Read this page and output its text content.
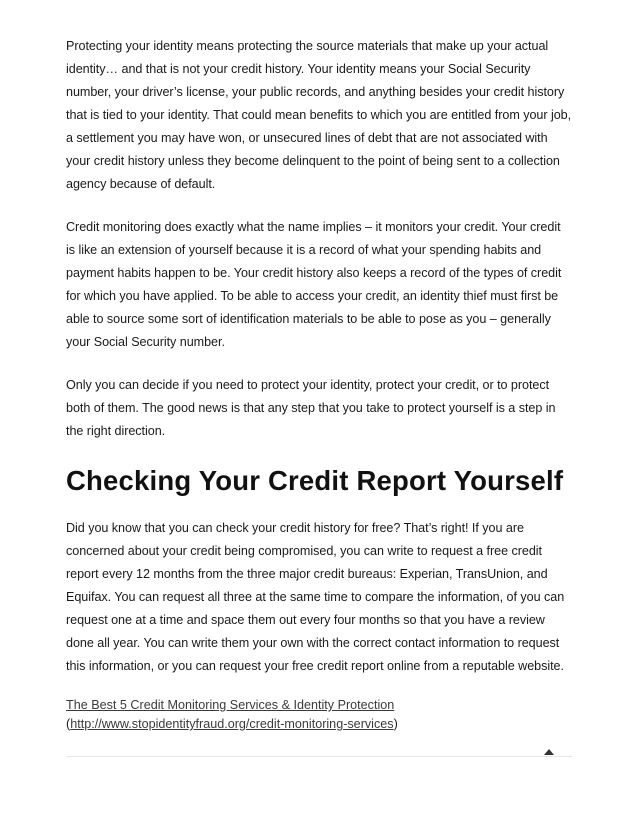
Protecting your identity means protecting the source materials that make up your actual identity… and that is not your credit history. Your identity means your Social Security number, your driver’s license, your public records, and anything besides your credit history that is tied to your identity. That could mean benefits to which you are entitled from your job, a settlement you may have won, or unsecured lines of debt that are not associated with your credit history unless they become delinquent to the point of being sent to a collection agency because of default.

Credit monitoring does exactly what the name implies – it monitors your credit. Your credit is like an extension of yourself because it is a record of what your spending habits and payment habits happen to be. Your credit history also keeps a record of the types of credit for which you have applied. To be able to access your credit, an identity thief must first be able to source some sort of identification materials to be able to pose as you – generally your Social Security number.

Only you can decide if you need to protect your identity, protect your credit, or to protect both of them. The good news is that any step that you take to protect yourself is a step in the right direction.

Checking Your Credit Report Yourself

Did you know that you can check your credit history for free? That’s right! If you are concerned about your credit being compromised, you can write to request a free credit report every 12 months from the three major credit bureaus: Experian, TransUnion, and Equifax. You can request all three at the same time to compare the information, of you can request one at a time and space them out every four months so that you have a review done all year. You can write them your own with the correct contact information to request this information, or you can request your free credit report online from a reputable website.

The Best 5 Credit Monitoring Services & Identity Protection
(http://www.stopidentityfraud.org/credit-monitoring-services)
